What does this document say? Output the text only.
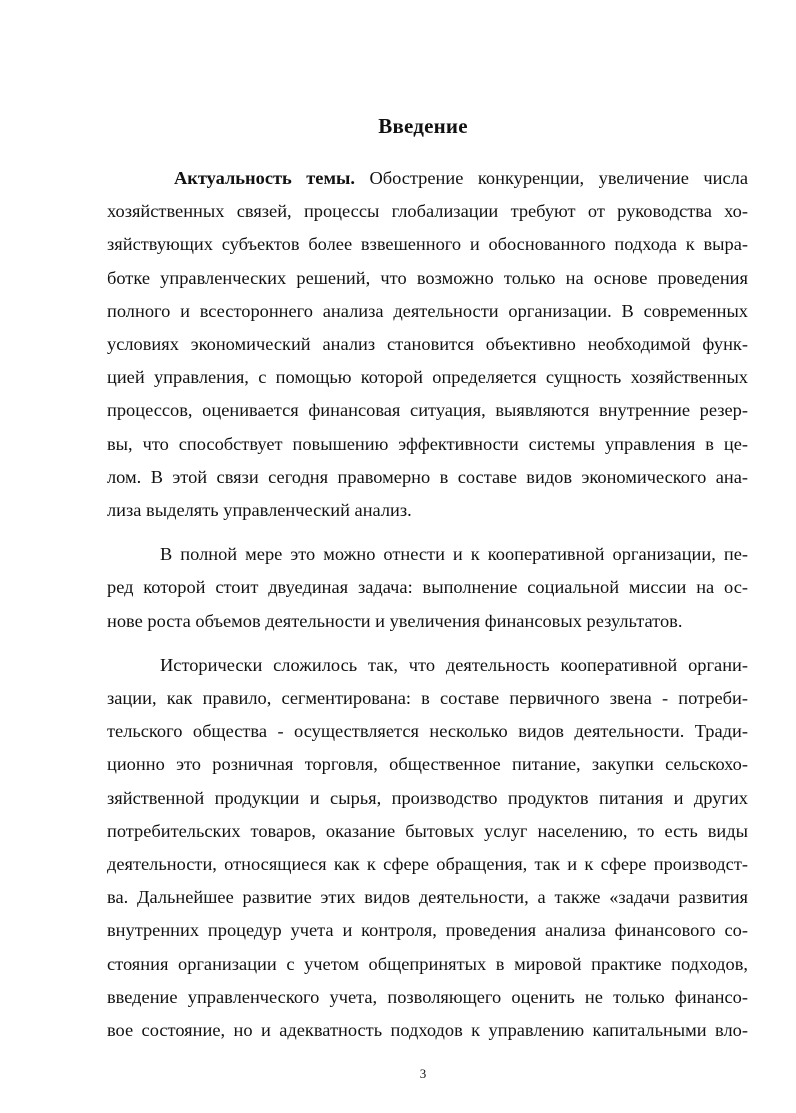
Введение
Актуальность темы. Обострение конкуренции, увеличение числа
хозяйственных связей, процессы глобализации требуют от руководства хо-
зяйствующих субъектов более взвешенного и обоснованного подхода к выра-
ботке управленческих решений, что возможно только на основе проведения
полного и всестороннего анализа деятельности организации. В современных
условиях экономический анализ становится объективно необходимой функ-
цией управления, с помощью которой определяется сущность хозяйственных
процессов, оценивается финансовая ситуация, выявляются внутренние резер-
вы, что способствует повышению эффективности системы управления в це-
лом. В этой связи сегодня правомерно в составе видов экономического ана-
лиза выделять управленческий анализ.
В полной мере это можно отнести и к кооперативной организации, пе-
ред которой стоит двуединая задача: выполнение социальной миссии на ос-
нове роста объемов деятельности и увеличения финансовых результатов.
Исторически сложилось так, что деятельность кооперативной органи-
зации, как правило, сегментирована: в составе первичного звена - потреби-
тельского общества - осуществляется несколько видов деятельности. Тради-
ционно это розничная торговля, общественное питание, закупки сельскохо-
зяйственной продукции и сырья, производство продуктов питания и других
потребительских товаров, оказание бытовых услуг населению, то есть виды
деятельности, относящиеся как к сфере обращения, так и к сфере производст-
ва. Дальнейшее развитие этих видов деятельности, а также «задачи развития
внутренних процедур учета и контроля, проведения анализа финансового со-
стояния организации с учетом общепринятых в мировой практике подходов,
введение управленческого учета, позволяющего оценить не только финансо-
вое состояние, но и адекватность подходов к управлению капитальными вло-
3
